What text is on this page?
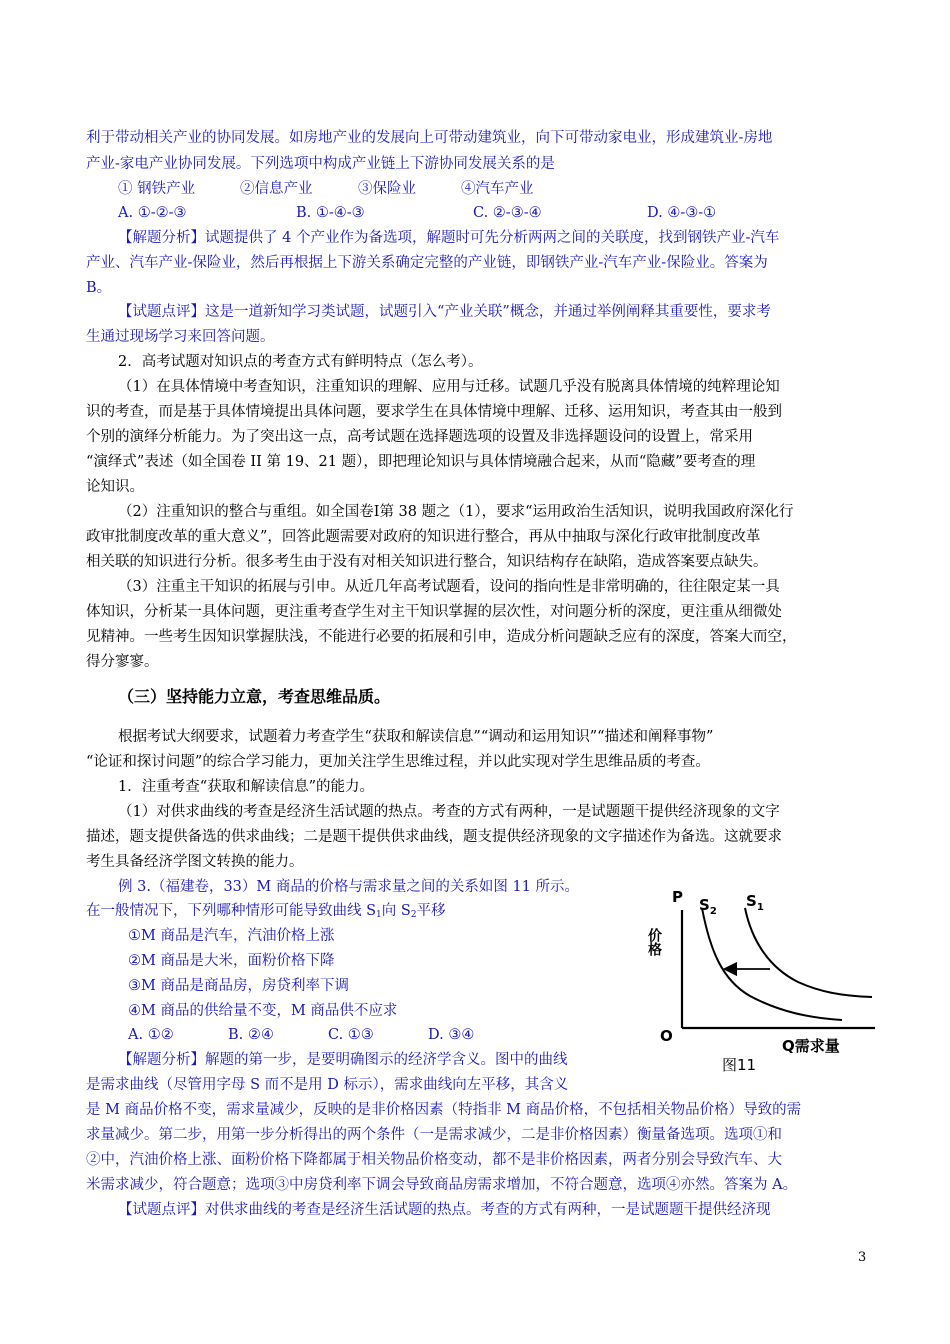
利于带动相关产业的协同发展。如房地产业的发展向上可带动建筑业，向下可带动家电业，形成建筑业-房地
产业-家电产业协同发展。下列选项中构成产业链上下游协同发展关系的是
① 钢铁产业	②信息产业	③保险业	④汽车产业
A. ①-②-③	B. ①-④-③	C. ②-③-④	D. ④-③-①
【解题分析】试题提供了 4 个产业作为备选项，解题时可先分析两两之间的关联度，找到钢铁产业-汽车
产业、汽车产业-保险业，然后再根据上下游关系确定完整的产业链，即钢铁产业-汽车产业-保险业。答案为
B。
【试题点评】这是一道新知学习类试题，试题引入“产业关联”概念，并通过举例阐释其重要性，要求考
生通过现场学习来回答问题。
2．高考试题对知识点的考查方式有鲜明特点（怎么考）。
（1）在具体情境中考查知识，注重知识的理解、应用与迁移。试题几乎没有脱离具体情境的纯粹理论知
识的考查，而是基于具体情境提出具体问题，要求学生在具体情境中理解、迁移、运用知识，考查其由一般到
个别的演绎分析能力。为了突出这一点，高考试题在选择题选项的设置及非选择题设问的设置上，常采用
“演绎式”表述（如全国卷 II 第 19、21 题），即把理论知识与具体情境融合起来，从而“隐藏”要考查的理
论知识。
（2）注重知识的整合与重组。如全国卷Ⅰ第 38 题之（1），要求“运用政治生活知识，说明我国政府深化行
政审批制度改革的重大意义”，回答此题需要对政府的知识进行整合，再从中抽取与深化行政审批制度改革
相关联的知识进行分析。很多考生由于没有对相关知识进行整合，知识结构存在缺陷，造成答案要点缺失。
（3）注重主干知识的拓展与引申。从近几年高考试题看，设问的指向性是非常明确的，往往限定某一具
体知识，分析某一具体问题，更注重考查学生对主干知识掌握的层次性，对问题分析的深度，更注重从细微处
见精神。一些考生因知识掌握肤浅，不能进行必要的拓展和引申，造成分析问题缺乏应有的深度，答案大而空，
得分寥寥。
（三）坚持能力立意，考查思维品质。
根据考试大纲要求，试题着力考查学生“获取和解读信息”“调动和运用知识”“描述和阐释事物”
“论证和探讨问题”的综合学习能力，更加关注学生思维过程，并以此实现对学生思维品质的考查。
1．注重考查“获取和解读信息”的能力。
（1）对供求曲线的考查是经济生活试题的热点。考查的方式有两种，一是试题题干提供经济现象的文字
描述，题支提供备选的供求曲线；二是题干提供供求曲线，题支提供经济现象的文字描述作为备选。这就要求
考生具备经济学图文转换的能力。
例 3.（福建卷，33）M 商品的价格与需求量之间的关系如图 11 所示。
在一般情况下，下列哪种情形可能导致曲线 $S_1$向 $S_2$平移
①M 商品是汽车，汽油价格上涨
②M 商品是大米，面粉价格下降
③M 商品是商品房，房贷利率下调
④M 商品的供给量不变，M 商品供不应求
A. ①②	B. ②④	C. ①③	D. ③④
【解题分析】解题的第一步，是要明确图示的经济学含义。图中的曲线
是需求曲线（尽管用字母 S 而不是用 D 标示），需求曲线向左平移，其含义
是 M 商品价格不变，需求量减少，反映的是非价格因素（特指非 M 商品价格，不包括相关物品价格）导致的需
求量减少。第二步，用第一步分析得出的两个条件（一是需求减少，二是非价格因素）衡量备选项。选项①和
②中，汽油价格上涨、面粉价格下降都属于相关物品价格变动，都不是非价格因素，两者分别会导致汽车、大
米需求减少，符合题意；选项③中房贷利率下调会导致商品房需求增加，不符合题意，选项④亦然。答案为 A。
【试题点评】对供求曲线的考查是经济生活试题的热点。考查的方式有两种，一是试题题干提供经济现
P
价格
$S_2$
$S_1$
O
Q需求量
图11
3
